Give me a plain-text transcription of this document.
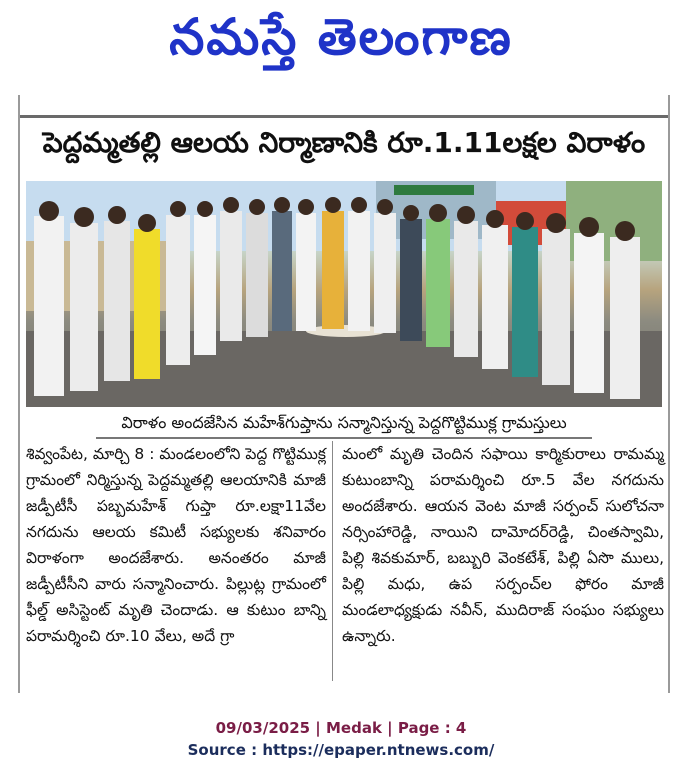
నమస్తే తెలంగాణ
పెద్దమ్మతల్లి ఆలయ నిర్మాణానికి రూ.1.11లక్షల విరాళం
విరాళం అందజేసిన మహేశ్‌గుప్తాను సన్మానిస్తున్న పెద్దగొట్టిముక్ల గ్రామస్తులు

శివ్వంపేట, మార్చి 8 : మండలంలోని పెద్ద గొట్టిముక్ల గ్రామంలో నిర్మిస్తున్న పెద్దమ్మతల్లి ఆలయానికి మాజీ జడ్పీటీసీ పబ్బమహేశ్ గుప్తా రూ.లక్షా11వేల నగదును ఆలయ కమిటీ సభ్యులకు శనివారం విరాళంగా అందజేశారు. అనంతరం మాజీ జడ్పీటీసీని వారు సన్మానించారు. పిల్లుట్ల గ్రామంలో ఫీల్డ్ అసిస్టెంట్ మృతి చెందాడు. ఆ కుటుం బాన్ని పరామర్శించి రూ.10 వేలు, అదే గ్రా

మంలో మృతి చెందిన సఫాయి కార్మికురాలు రామమ్మ కుటుంబాన్ని పరామర్శించి రూ.5 వేల నగదును అందజేశారు. ఆయన వెంట మాజీ సర్పంచ్ సులోచనా నర్సింహారెడ్డి, నాయిని దామోదర్‌రెడ్డి, చింతస్వామి, పిల్లి శివకుమార్, బబ్బురి వెంకటేశ్, పిల్లి ఏసొ ములు, పిల్లి మధు, ఉప సర్పంచ్‌ల ఫోరం మాజీ మండలాధ్యక్షుడు నవీన్, ముదిరాజ్ సంఘం సభ్యులు ఉన్నారు.

09/03/2025 | Medak | Page : 4
Source : https://epaper.ntnews.com/
